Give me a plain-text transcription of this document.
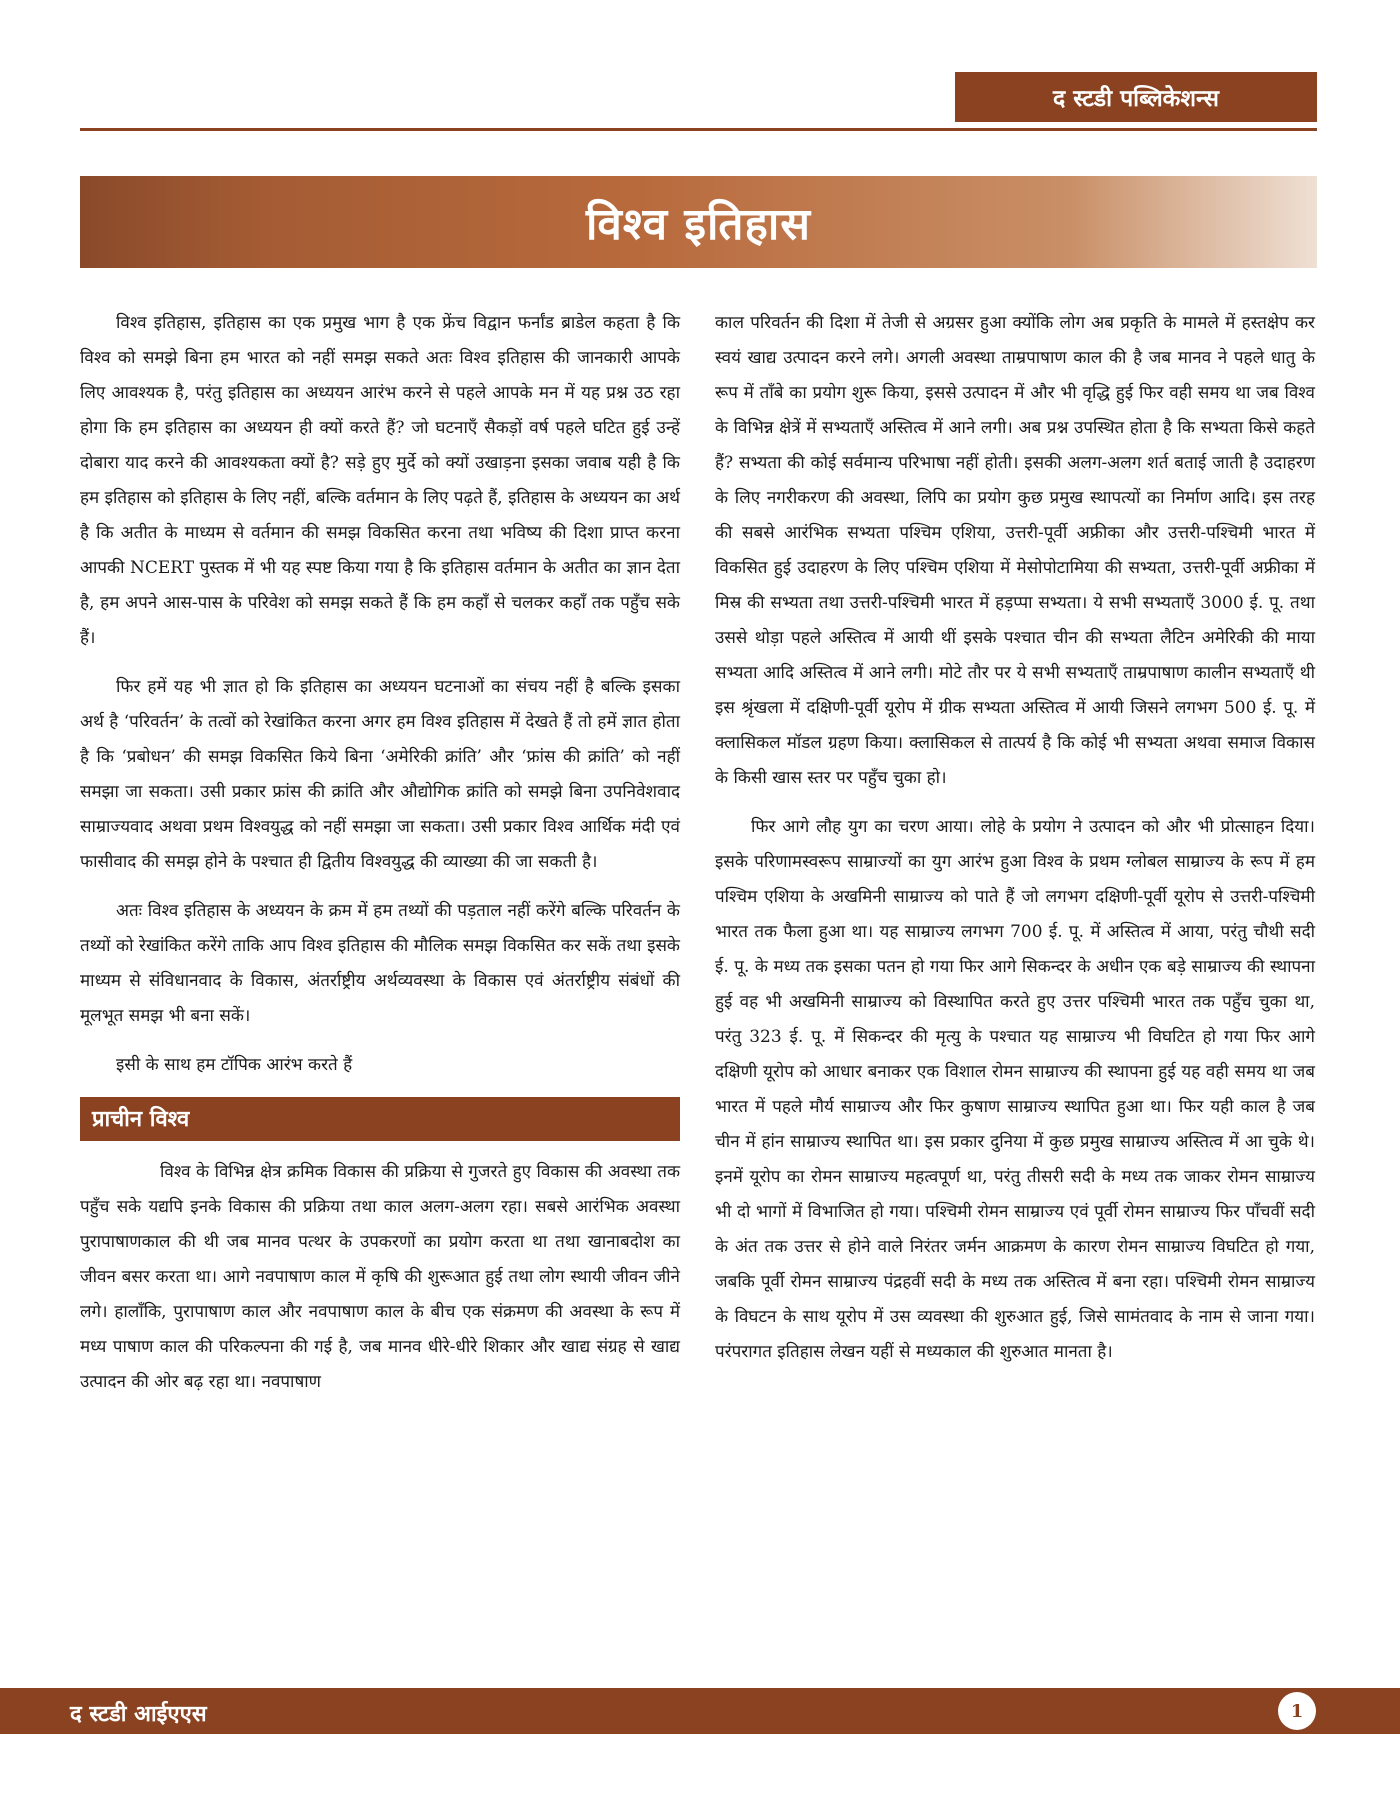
द स्टडी पब्लिकेशन्स
विश्व इतिहास

विश्व इतिहास, इतिहास का एक प्रमुख भाग है एक फ्रेंच विद्वान फर्नांड ब्राडेल कहता है कि विश्व को समझे बिना हम भारत को नहीं समझ सकते अतः विश्व इतिहास की जानकारी आपके लिए आवश्यक है, परंतु इतिहास का अध्ययन आरंभ करने से पहले आपके मन में यह प्रश्न उठ रहा होगा कि हम इतिहास का अध्ययन ही क्यों करते हैं? जो घटनाएँ सैकड़ों वर्ष पहले घटित हुई उन्हें दोबारा याद करने की आवश्यकता क्यों है? सड़े हुए मुर्दे को क्यों उखाड़ना इसका जवाब यही है कि हम इतिहास को इतिहास के लिए नहीं, बल्कि वर्तमान के लिए पढ़ते हैं, इतिहास के अध्ययन का अर्थ है कि अतीत के माध्यम से वर्तमान की समझ विकसित करना तथा भविष्य की दिशा प्राप्त करना आपकी NCERT पुस्तक में भी यह स्पष्ट किया गया है कि इतिहास वर्तमान के अतीत का ज्ञान देता है, हम अपने आस-पास के परिवेश को समझ सकते हैं कि हम कहाँ से चलकर कहाँ तक पहुँच सके हैं।

फिर हमें यह भी ज्ञात हो कि इतिहास का अध्ययन घटनाओं का संचय नहीं है बल्कि इसका अर्थ है ‘परिवर्तन’ के तत्वों को रेखांकित करना अगर हम विश्व इतिहास में देखते हैं तो हमें ज्ञात होता है कि ‘प्रबोधन’ की समझ विकसित किये बिना ‘अमेरिकी क्रांति’ और ‘फ्रांस की क्रांति’ को नहीं समझा जा सकता। उसी प्रकार फ्रांस की क्रांति और औद्योगिक क्रांति को समझे बिना उपनिवेशवाद साम्राज्यवाद अथवा प्रथम विश्वयुद्ध को नहीं समझा जा सकता। उसी प्रकार विश्व आर्थिक मंदी एवं फासीवाद की समझ होने के पश्चात ही द्वितीय विश्वयुद्ध की व्याख्या की जा सकती है।

अतः विश्व इतिहास के अध्ययन के क्रम में हम तथ्यों की पड़ताल नहीं करेंगे बल्कि परिवर्तन के तथ्यों को रेखांकित करेंगे ताकि आप विश्व इतिहास की मौलिक समझ विकसित कर सकें तथा इसके माध्यम से संविधानवाद के विकास, अंतर्राष्ट्रीय अर्थव्यवस्था के विकास एवं अंतर्राष्ट्रीय संबंधों की मूलभूत समझ भी बना सकें।

इसी के साथ हम टॉपिक आरंभ करते हैं

प्राचीन विश्व

विश्व के विभिन्न क्षेत्र क्रमिक विकास की प्रक्रिया से गुजरते हुए विकास की अवस्था तक पहुँच सके यद्यपि इनके विकास की प्रक्रिया तथा काल अलग-अलग रहा। सबसे आरंभिक अवस्था पुरापाषाणकाल की थी जब मानव पत्थर के उपकरणों का प्रयोग करता था तथा खानाबदोश का जीवन बसर करता था। आगे नवपाषाण काल में कृषि की शुरूआत हुई तथा लोग स्थायी जीवन जीने लगे। हालाँकि, पुरापाषाण काल और नवपाषाण काल के बीच एक संक्रमण की अवस्था के रूप में मध्य पाषाण काल की परिकल्पना की गई है, जब मानव धीरे-धीरे शिकार और खाद्य संग्रह से खाद्य उत्पादन की ओर बढ़ रहा था। नवपाषाण

काल परिवर्तन की दिशा में तेजी से अग्रसर हुआ क्योंकि लोग अब प्रकृति के मामले में हस्तक्षेप कर स्वयं खाद्य उत्पादन करने लगे। अगली अवस्था ताम्रपाषाण काल की है जब मानव ने पहले धातु के रूप में ताँबे का प्रयोग शुरू किया, इससे उत्पादन में और भी वृद्धि हुई फिर वही समय था जब विश्व के विभिन्न क्षेत्रें में सभ्यताएँ अस्तित्व में आने लगी। अब प्रश्न उपस्थित होता है कि सभ्यता किसे कहते हैं? सभ्यता की कोई सर्वमान्य परिभाषा नहीं होती। इसकी अलग-अलग शर्त बताई जाती है उदाहरण के लिए नगरीकरण की अवस्था, लिपि का प्रयोग कुछ प्रमुख स्थापत्यों का निर्माण आदि। इस तरह की सबसे आरंभिक सभ्यता पश्चिम एशिया, उत्तरी-पूर्वी अफ्रीका और उत्तरी-पश्चिमी भारत में विकसित हुई उदाहरण के लिए पश्चिम एशिया में मेसोपोटामिया की सभ्यता, उत्तरी-पूर्वी अफ्रीका में मिस्र की सभ्यता तथा उत्तरी-पश्चिमी भारत में हड़प्पा सभ्यता। ये सभी सभ्यताएँ 3000 ई. पू. तथा उससे थोड़ा पहले अस्तित्व में आयी थीं इसके पश्चात चीन की सभ्यता लैटिन अमेरिकी की माया सभ्यता आदि अस्तित्व में आने लगी। मोटे तौर पर ये सभी सभ्यताएँ ताम्रपाषाण कालीन सभ्यताएँ थी इस श्रृंखला में दक्षिणी-पूर्वी यूरोप में ग्रीक सभ्यता अस्तित्व में आयी जिसने लगभग 500 ई. पू. में क्लासिकल मॉडल ग्रहण किया। क्लासिकल से तात्पर्य है कि कोई भी सभ्यता अथवा समाज विकास के किसी खास स्तर पर पहुँच चुका हो।

फिर आगे लौह युग का चरण आया। लोहे के प्रयोग ने उत्पादन को और भी प्रोत्साहन दिया। इसके परिणामस्वरूप साम्राज्यों का युग आरंभ हुआ विश्व के प्रथम ग्लोबल साम्राज्य के रूप में हम पश्चिम एशिया के अखमिनी साम्राज्य को पाते हैं जो लगभग दक्षिणी-पूर्वी यूरोप से उत्तरी-पश्चिमी भारत तक फैला हुआ था। यह साम्राज्य लगभग 700 ई. पू. में अस्तित्व में आया, परंतु चौथी सदी ई. पू. के मध्य तक इसका पतन हो गया फिर आगे सिकन्दर के अधीन एक बड़े साम्राज्य की स्थापना हुई वह भी अखमिनी साम्राज्य को विस्थापित करते हुए उत्तर पश्चिमी भारत तक पहुँच चुका था, परंतु 323 ई. पू. में सिकन्दर की मृत्यु के पश्चात यह साम्राज्य भी विघटित हो गया फिर आगे दक्षिणी यूरोप को आधार बनाकर एक विशाल रोमन साम्राज्य की स्थापना हुई यह वही समय था जब भारत में पहले मौर्य साम्राज्य और फिर कुषाण साम्राज्य स्थापित हुआ था। फिर यही काल है जब चीन में हांन साम्राज्य स्थापित था। इस प्रकार दुनिया में कुछ प्रमुख साम्राज्य अस्तित्व में आ चुके थे। इनमें यूरोप का रोमन साम्राज्य महत्वपूर्ण था, परंतु तीसरी सदी के मध्य तक जाकर रोमन साम्राज्य भी दो भागों में विभाजित हो गया। पश्चिमी रोमन साम्राज्य एवं पूर्वी रोमन साम्राज्य फिर पाँचवीं सदी के अंत तक उत्तर से होने वाले निरंतर जर्मन आक्रमण के कारण रोमन साम्राज्य विघटित हो गया, जबकि पूर्वी रोमन साम्राज्य पंद्रहवीं सदी के मध्य तक अस्तित्व में बना रहा। पश्चिमी रोमन साम्राज्य के विघटन के साथ यूरोप में उस व्यवस्था की शुरुआत हुई, जिसे सामंतवाद के नाम से जाना गया। परंपरागत इतिहास लेखन यहीं से मध्यकाल की शुरुआत मानता है।

द स्टडी आईएएस	1
